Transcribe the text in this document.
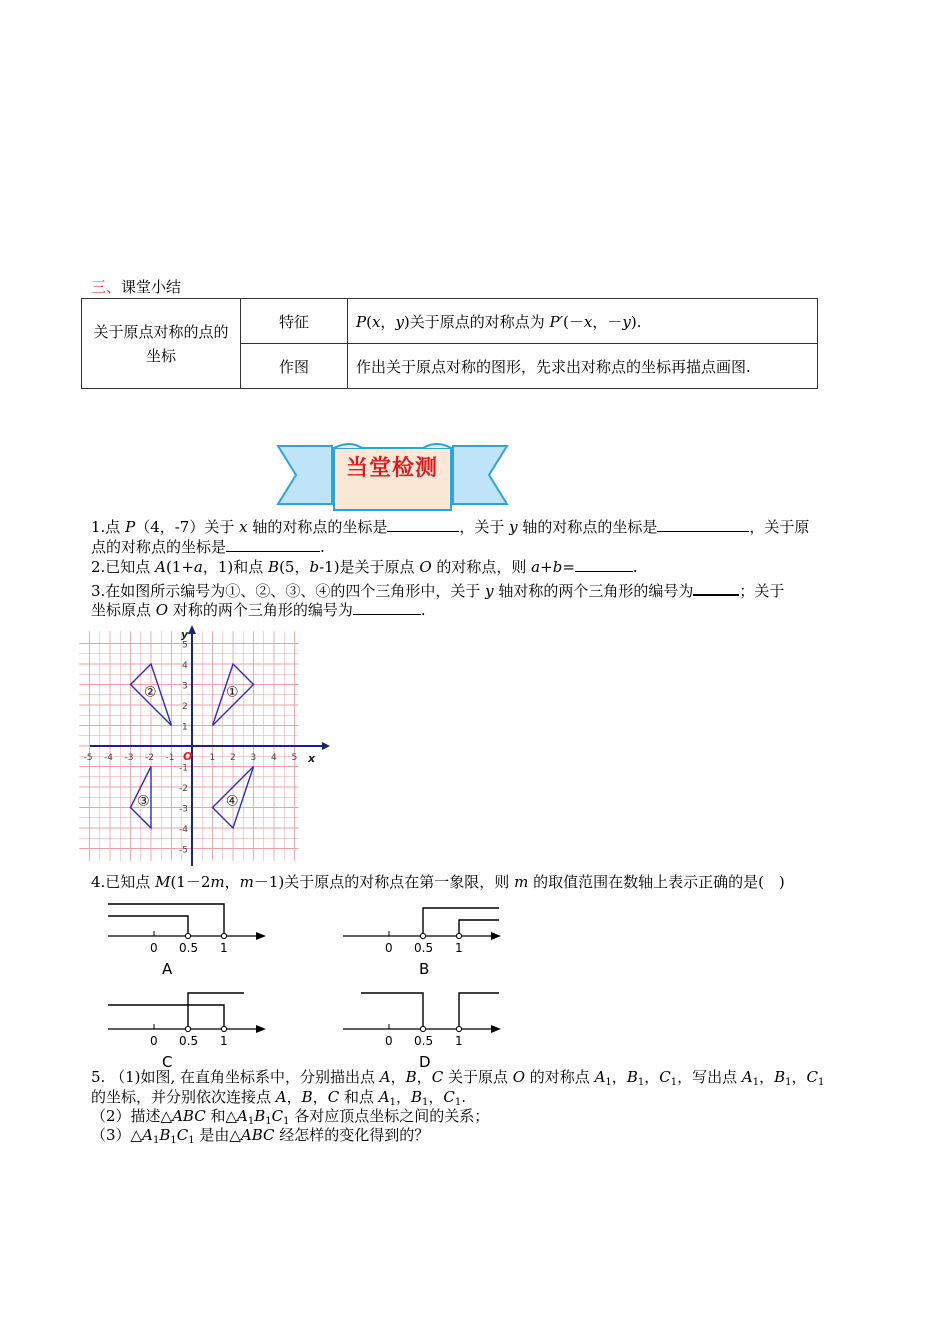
三、课堂小结
关于原点对称的点的坐标	特征	P(x，y)关于原点的对称点为 P′(－x，－y).
	作图	作出关于原点对称的图形，先求出对称点的坐标再描点画图.
当堂检测
1.点 P（4，-7）关于 x 轴的对称点的坐标是	，关于 y 轴的对称点的坐标是	，关于原
点的对称点的坐标是	.
2.已知点 A(1+a，1)和点 B(5，b-1)是关于原点 O 的对称点，则 a+b=	.
3.在如图所示编号为①、②、③、④的四个三角形中，关于 y 轴对称的两个三角形的编号为	；关于
坐标原点 O 对称的两个三角形的编号为	.
x
y
O
-5 -4 -3 -2 -1	1 2 3 4 5
5
4
3
2
1
-1
-2
-3
-4
-5
①
②
③	④
4.已知点 M(1－2m，m－1)关于原点的对称点在第一象限，则 m 的取值范围在数轴上表示正确的是(　)
0 0.5 1
A
0 0.5 1
B
0 0.5 1
C
0 0.5 1
D
5. （1)如图, 在直角坐标系中，分别描出点 A，B，C 关于原点 O 的对称点 $A_1$，$B_1$，$C_1$，写出点 $A_1$，$B_1$，$C_1$
的坐标，并分别依次连接点 A，B，C 和点 $A_1$，$B_1$，$C_1$.
（2）描述△ABC 和$\triangle A_1B_1C_1$ 各对应顶点坐标之间的关系；
$(3)\triangle A_1B_1C_1$ 是由△ABC 经怎样的变化得到的？
